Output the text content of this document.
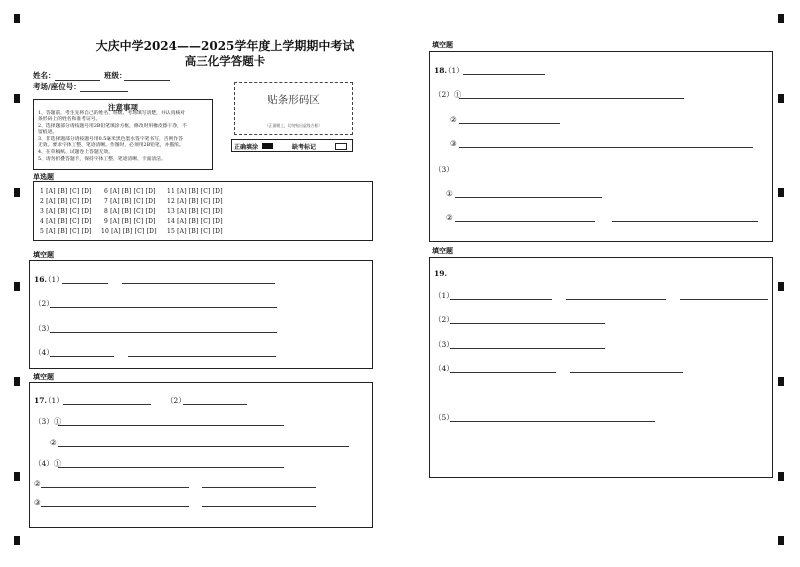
大庆中学2024——2025学年度上学期期中考试
高三化学答题卡
姓名：	班级：
考场/座位号：
注意事项
1、答题前，考生先将自己的姓名、班级、考场填写清楚，并认真核对
条形码上的姓名和准考证号。
2、选择题部分请按题号用2B铅笔填涂方框，修改时用橡皮擦干净，不
留痕迹。
3、非选择题部分请按题号用0.5毫米黑色墨水签字笔书写，否则作答
无效。要求字体工整、笔迹清晰。作图时，必须用2B铅笔，并描浓。
4、在草稿纸、试题卷上答题无效。
5、请勿折叠答题卡，保持字体工整、笔迹清晰、卡面清洁。
贴条形码区
（正面朝上，切勿贴出虚线方框）
正确填涂	缺考标记
单选题
1 [A] [B] [C] [D]
2 [A] [B] [C] [D]
3 [A] [B] [C] [D]
4 [A] [B] [C] [D]
5 [A] [B] [C] [D]
6 [A] [B] [C] [D]
7 [A] [B] [C] [D]
8 [A] [B] [C] [D]
9 [A] [B] [C] [D]
10 [A] [B] [C] [D]
11 [A] [B] [C] [D]
12 [A] [B] [C] [D]
13 [A] [B] [C] [D]
14 [A] [B] [C] [D]
15 [A] [B] [C] [D]
填空题
16.
（1）
（2）
（3）
（4）
填空题
17.
（1）	（2）
（3）①
②
（4）①
②
③
填空题
18.
（1）
（2）①
②
③
（3）
①
②
填空题
19.
（1）
（2）
（3）
（4）
（5）
